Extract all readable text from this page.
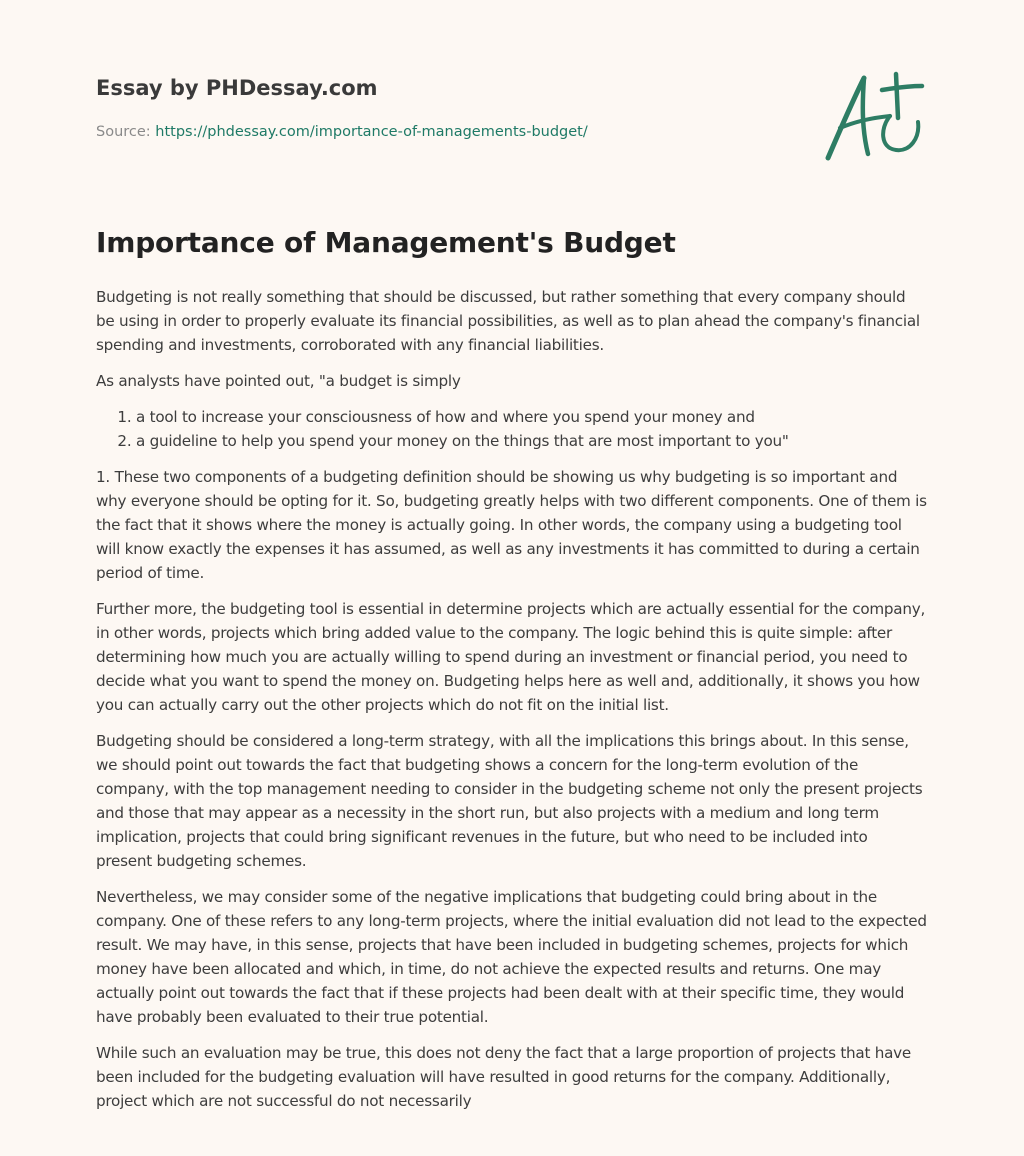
Essay by PHDessay.com

Source: https://phdessay.com/importance-of-managements-budget/

Importance of Management's Budget

Budgeting is not really something that should be discussed, but rather something that every company should be using in order to properly evaluate its financial possibilities, as well as to plan ahead the company's financial spending and investments, corroborated with any financial liabilities.

As analysts have pointed out, "a budget is simply

1. a tool to increase your consciousness of how and where you spend your money and
2. a guideline to help you spend your money on the things that are most important to you"

1. These two components of a budgeting definition should be showing us why budgeting is so important and why everyone should be opting for it. So, budgeting greatly helps with two different components. One of them is the fact that it shows where the money is actually going. In other words, the company using a budgeting tool will know exactly the expenses it has assumed, as well as any investments it has committed to during a certain period of time.

Further more, the budgeting tool is essential in determine projects which are actually essential for the company, in other words, projects which bring added value to the company. The logic behind this is quite simple: after determining how much you are actually willing to spend during an investment or financial period, you need to decide what you want to spend the money on. Budgeting helps here as well and, additionally, it shows you how you can actually carry out the other projects which do not fit on the initial list.

Budgeting should be considered a long-term strategy, with all the implications this brings about. In this sense, we should point out towards the fact that budgeting shows a concern for the long-term evolution of the company, with the top management needing to consider in the budgeting scheme not only the present projects and those that may appear as a necessity in the short run, but also projects with a medium and long term implication, projects that could bring significant revenues in the future, but who need to be included into present budgeting schemes.

Nevertheless, we may consider some of the negative implications that budgeting could bring about in the company. One of these refers to any long-term projects, where the initial evaluation did not lead to the expected result. We may have, in this sense, projects that have been included in budgeting schemes, projects for which money have been allocated and which, in time, do not achieve the expected results and returns. One may actually point out towards the fact that if these projects had been dealt with at their specific time, they would have probably been evaluated to their true potential.

While such an evaluation may be true, this does not deny the fact that a large proportion of projects that have been included for the budgeting evaluation will have resulted in good returns for the company. Additionally, project which are not successful do not necessarily
